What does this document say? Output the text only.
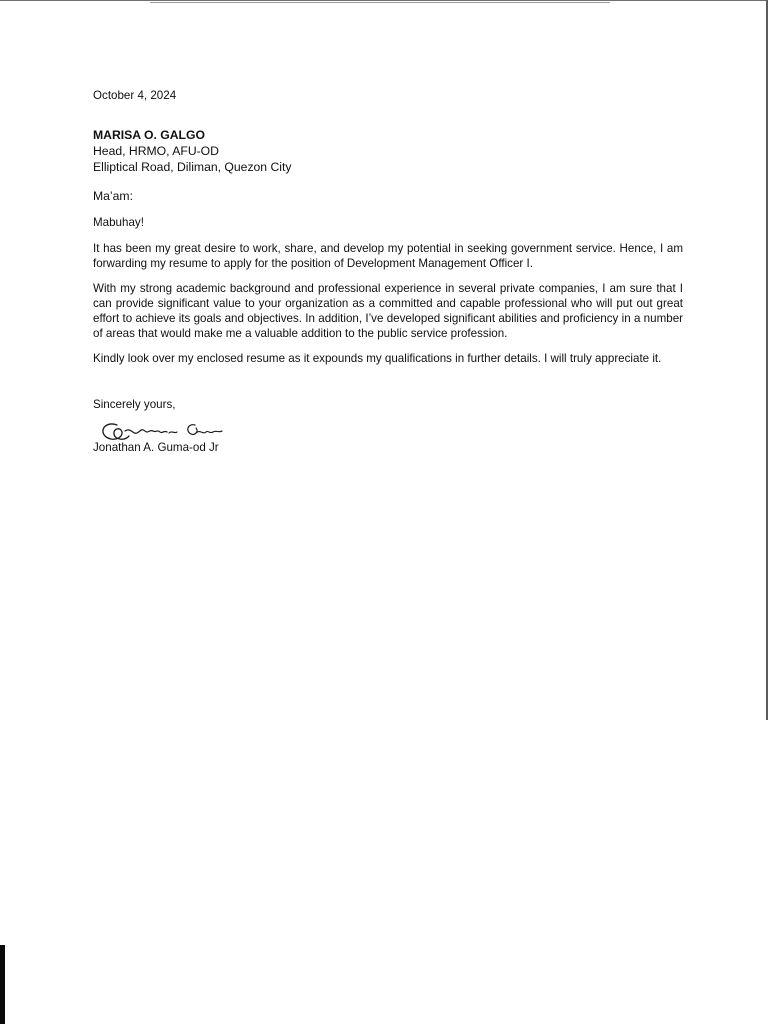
October 4, 2024

MARISA O. GALGO

Head, HRMO, AFU-OD

Elliptical Road, Diliman, Quezon City

Ma’am:

Mabuhay!

It has been my great desire to work, share, and develop my potential in seeking government service. Hence, I am forwarding my resume to apply for the position of Development Management Officer I.

With my strong academic background and professional experience in several private companies, I am sure that I can provide significant value to your organization as a committed and capable professional who will put out great effort to achieve its goals and objectives. In addition, I’ve developed significant abilities and proficiency in a number of areas that would make me a valuable addition to the public service profession.

Kindly look over my enclosed resume as it expounds my qualifications in further details. I will truly appreciate it.

Sincerely yours,

Jonathan A. Guma-od Jr
